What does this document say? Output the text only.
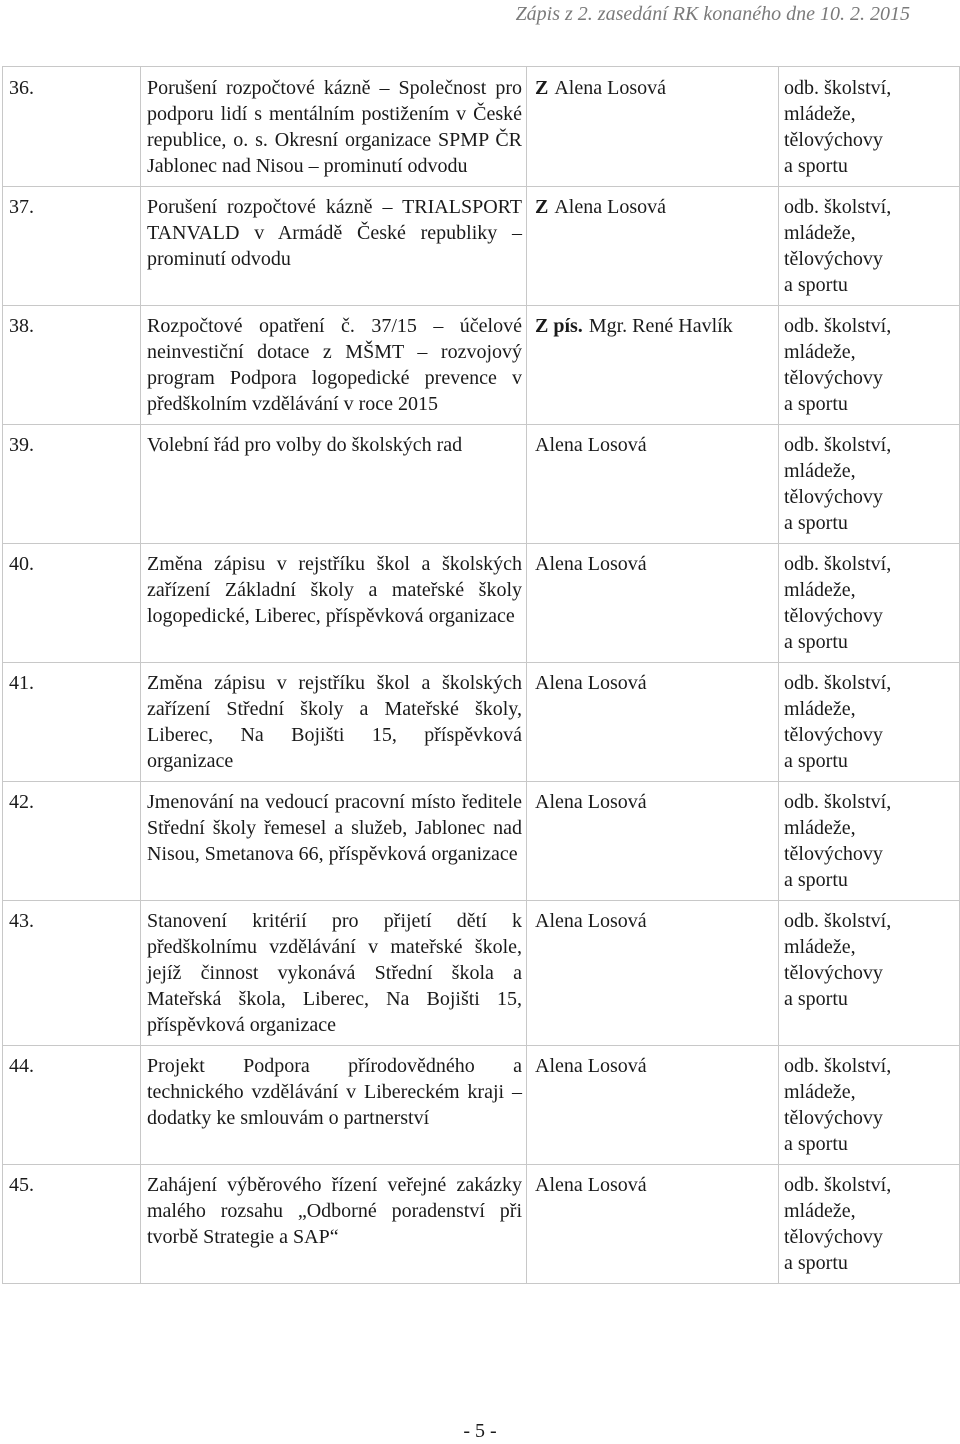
Zápis z 2. zasedání RK konaného dne 10. 2. 2015
36.	Porušení rozpočtové kázně – Společnost pro podporu lidí s mentálním postižením v České republice, o. s. Okresní organizace SPMP ČR Jablonec nad Nisou – prominutí odvodu	Z Alena Losová	odb. školství,
mládeže,
tělovýchovy
a sportu

37.	Porušení rozpočtové kázně – TRIALSPORT TANVALD v Armádě České republiky – prominutí odvodu	Z Alena Losová	odb. školství,
mládeže,
tělovýchovy
a sportu

38.	Rozpočtové opatření č. 37/15 – účelové neinvestiční dotace z MŠMT – rozvojový program Podpora logopedické prevence v předškolním vzdělávání v roce 2015	Z pís. Mgr. René Havlík	odb. školství,
mládeže,
tělovýchovy
a sportu

39.	Volební řád pro volby do školských rad	Alena Losová	odb. školství,
mládeže,
tělovýchovy
a sportu

40.	Změna zápisu v rejstříku škol a školských zařízení Základní školy a mateřské školy logopedické, Liberec, příspěvková organizace	Alena Losová	odb. školství,
mládeže,
tělovýchovy
a sportu

41.	Změna zápisu v rejstříku škol a školských zařízení Střední školy a Mateřské školy, Liberec, Na Bojišti 15, příspěvková organizace	Alena Losová	odb. školství,
mládeže,
tělovýchovy
a sportu

42.	Jmenování na vedoucí pracovní místo ředitele Střední školy řemesel a služeb, Jablonec nad Nisou, Smetanova 66, příspěvková organizace	Alena Losová	odb. školství,
mládeže,
tělovýchovy
a sportu

43.	Stanovení kritérií pro přijetí dětí k předškolnímu vzdělávání v mateřské škole, jejíž činnost vykonává Střední škola a Mateřská škola, Liberec, Na Bojišti 15, příspěvková organizace	Alena Losová	odb. školství,
mládeže,
tělovýchovy
a sportu

44.	Projekt Podpora přírodovědného a technického vzdělávání v Libereckém kraji – dodatky ke smlouvám o partnerství	Alena Losová	odb. školství,
mládeže,
tělovýchovy
a sportu

45.	Zahájení výběrového řízení veřejné zakázky malého rozsahu „Odborné poradenství při tvorbě Strategie a SAP“	Alena Losová	odb. školství,
mládeže,
tělovýchovy
a sportu
- 5 -
